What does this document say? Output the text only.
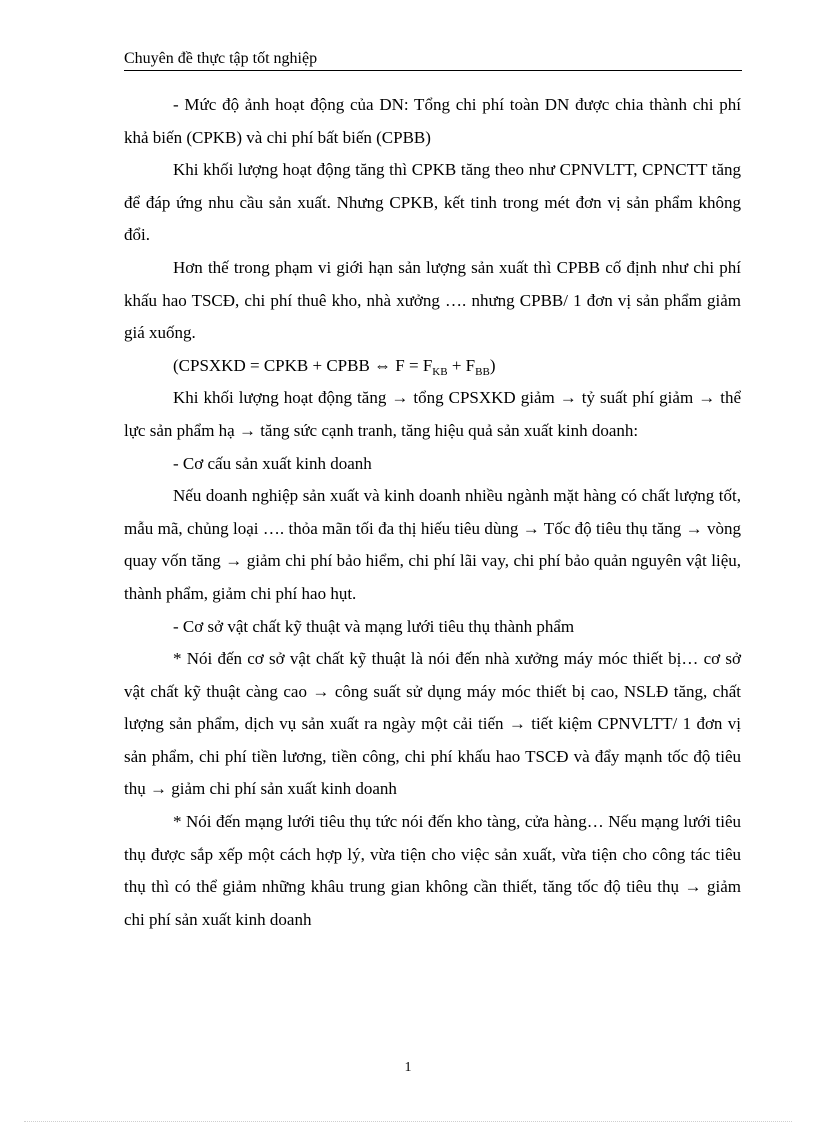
Chuyên đề thực tập tốt nghiệp

- Mức độ ảnh hoạt động của DN: Tổng chi phí toàn DN được chia thành chi phí khả biến (CPKB) và chi phí bất biến (CPBB)

Khi khối lượng hoạt động tăng thì CPKB tăng theo như CPNVLTT, CPNCTT tăng để đáp ứng nhu cầu sản xuất. Nhưng CPKB, kết tinh trong mét đơn vị sản phẩm không đổi.

Hơn thế trong phạm vi giới hạn sản lượng sản xuất thì CPBB cố định như chi phí khấu hao TSCĐ, chi phí thuê kho, nhà xưởng …. nhưng CPBB/ 1 đơn vị sản phẩm giảm giá xuống.

(CPSXKD = CPKB + CPBB ⇔ $F = F_{KB} + F_{BB}$)

Khi khối lượng hoạt động tăng → tổng CPSXKD giảm → tỷ suất phí giảm → thể lực sản phẩm hạ → tăng sức cạnh tranh, tăng hiệu quả sản xuất kinh doanh:

- Cơ cấu sản xuất kinh doanh

Nếu doanh nghiệp sản xuất và kinh doanh nhiều ngành mặt hàng có chất lượng tốt, mẫu mã, chủng loại …. thỏa mãn tối đa thị hiếu tiêu dùng → Tốc độ tiêu thụ tăng → vòng quay vốn tăng → giảm chi phí bảo hiểm, chi phí lãi vay, chi phí bảo quản nguyên vật liệu, thành phẩm, giảm chi phí hao hụt.

- Cơ sở vật chất kỹ thuật và mạng lưới tiêu thụ thành phẩm

* Nói đến cơ sở vật chất kỹ thuật là nói đến nhà xưởng máy móc thiết bị… cơ sở vật chất kỹ thuật càng cao → công suất sử dụng máy móc thiết bị cao, NSLĐ tăng, chất lượng sản phẩm, dịch vụ sản xuất ra ngày một cải tiến → tiết kiệm CPNVLTT/ 1 đơn vị sản phẩm, chi phí tiền lương, tiền công, chi phí khấu hao TSCĐ và đẩy mạnh tốc độ tiêu thụ → giảm chi phí sản xuất kinh doanh

* Nói đến mạng lưới tiêu thụ tức nói đến kho tàng, cửa hàng… Nếu mạng lưới tiêu thụ được sắp xếp một cách hợp lý, vừa tiện cho việc sản xuất, vừa tiện cho công tác tiêu thụ thì có thể giảm những khâu trung gian không cần thiết, tăng tốc độ tiêu thụ → giảm chi phí sản xuất kinh doanh

1
